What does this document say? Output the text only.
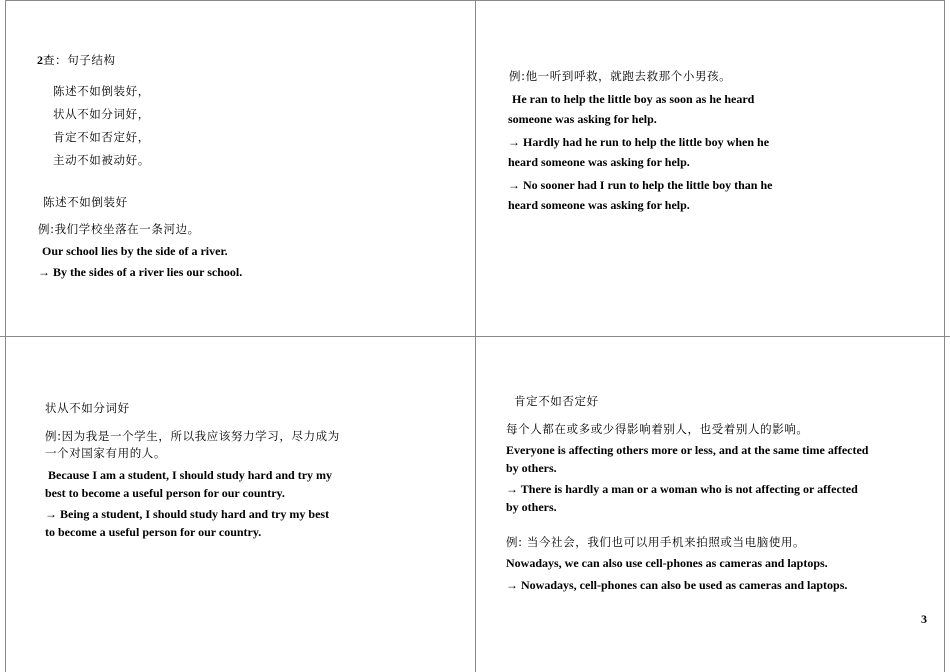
2查：句子结构
陈述不如倒装好，
状从不如分词好，
肯定不如否定好，
主动不如被动好。
陈述不如倒装好
例:我们学校坐落在一条河边。
Our school lies by the side of a river.
→ By the sides of a river lies our school.
例:他一听到呼救，就跑去救那个小男孩。
He ran to help the little boy as soon as he heard
someone was asking for help.
→ Hardly had he run to help the little boy when he
heard someone was asking for help.
→ No sooner had I run to help the little boy than he
heard someone was asking for help.
状从不如分词好
例:因为我是一个学生，所以我应该努力学习，尽力成为
一个对国家有用的人。
Because I am a student, I should study hard and try my
best to become a useful person for our country.
→ Being a student, I should study hard and try my best
to become a useful person for our country.
肯定不如否定好
每个人都在或多或少得影响着别人，也受着别人的影响。
Everyone is affecting others more or less, and at the same time affected
by others.
→ There is hardly a man or a woman who is not affecting or affected
by others.
例: 当今社会，我们也可以用手机来拍照或当电脑使用。
Nowadays, we can also use cell-phones as cameras and laptops.
→ Nowadays, cell-phones can also be used as cameras and laptops.
3
